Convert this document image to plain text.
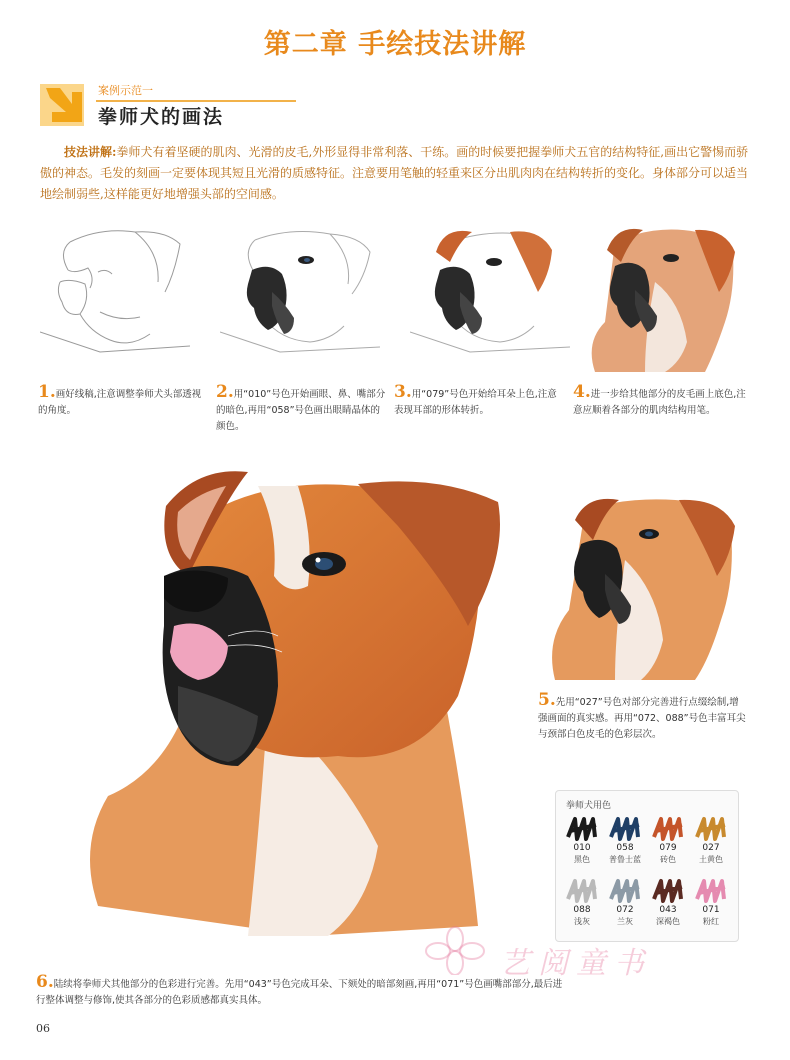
第二章 手绘技法讲解
案例示范一
拳师犬的画法
技法讲解:拳师犬有着坚硬的肌肉、光滑的皮毛,外形显得非常利落、干练。画的时候要把握拳师犬五官的结构特征,画出它警惕而骄傲的神态。毛发的刻画一定要体现其短且光滑的质感特征。注意要用笔触的轻重来区分出肌肉肉在结构转折的变化。身体部分可以适当地绘制弱些,这样能更好地增强头部的空间感。
1.画好线稿,注意调整拳师犬头部透视的角度。
2.用“010”号色开始画眼、鼻、嘴部分的暗色,再用“058”号色画出眼睛晶体的颜色。
3.用“079”号色开始给耳朵上色,注意表现耳部的形体转折。
4.进一步给其他部分的皮毛画上底色,注意应顺着各部分的肌肉结构用笔。
5.先用“027”号色对部分完善进行点缀绘制,增强画面的真实感。再用“072、088”号色丰富耳尖与颈部白色皮毛的色彩层次。
拳师犬用色
010
黑色
058
普鲁士蓝
079
砖色
027
土黄色
088
浅灰
072
兰灰
043
深褐色
071
粉红
6.陆续将拳师犬其他部分的色彩进行完善。先用“043”号色完成耳朵、下颏处的暗部刻画,再用“071”号色画嘴部部分,最后进行整体调整与修饰,使其各部分的色彩质感都真实具体。
艺阅童书
06
